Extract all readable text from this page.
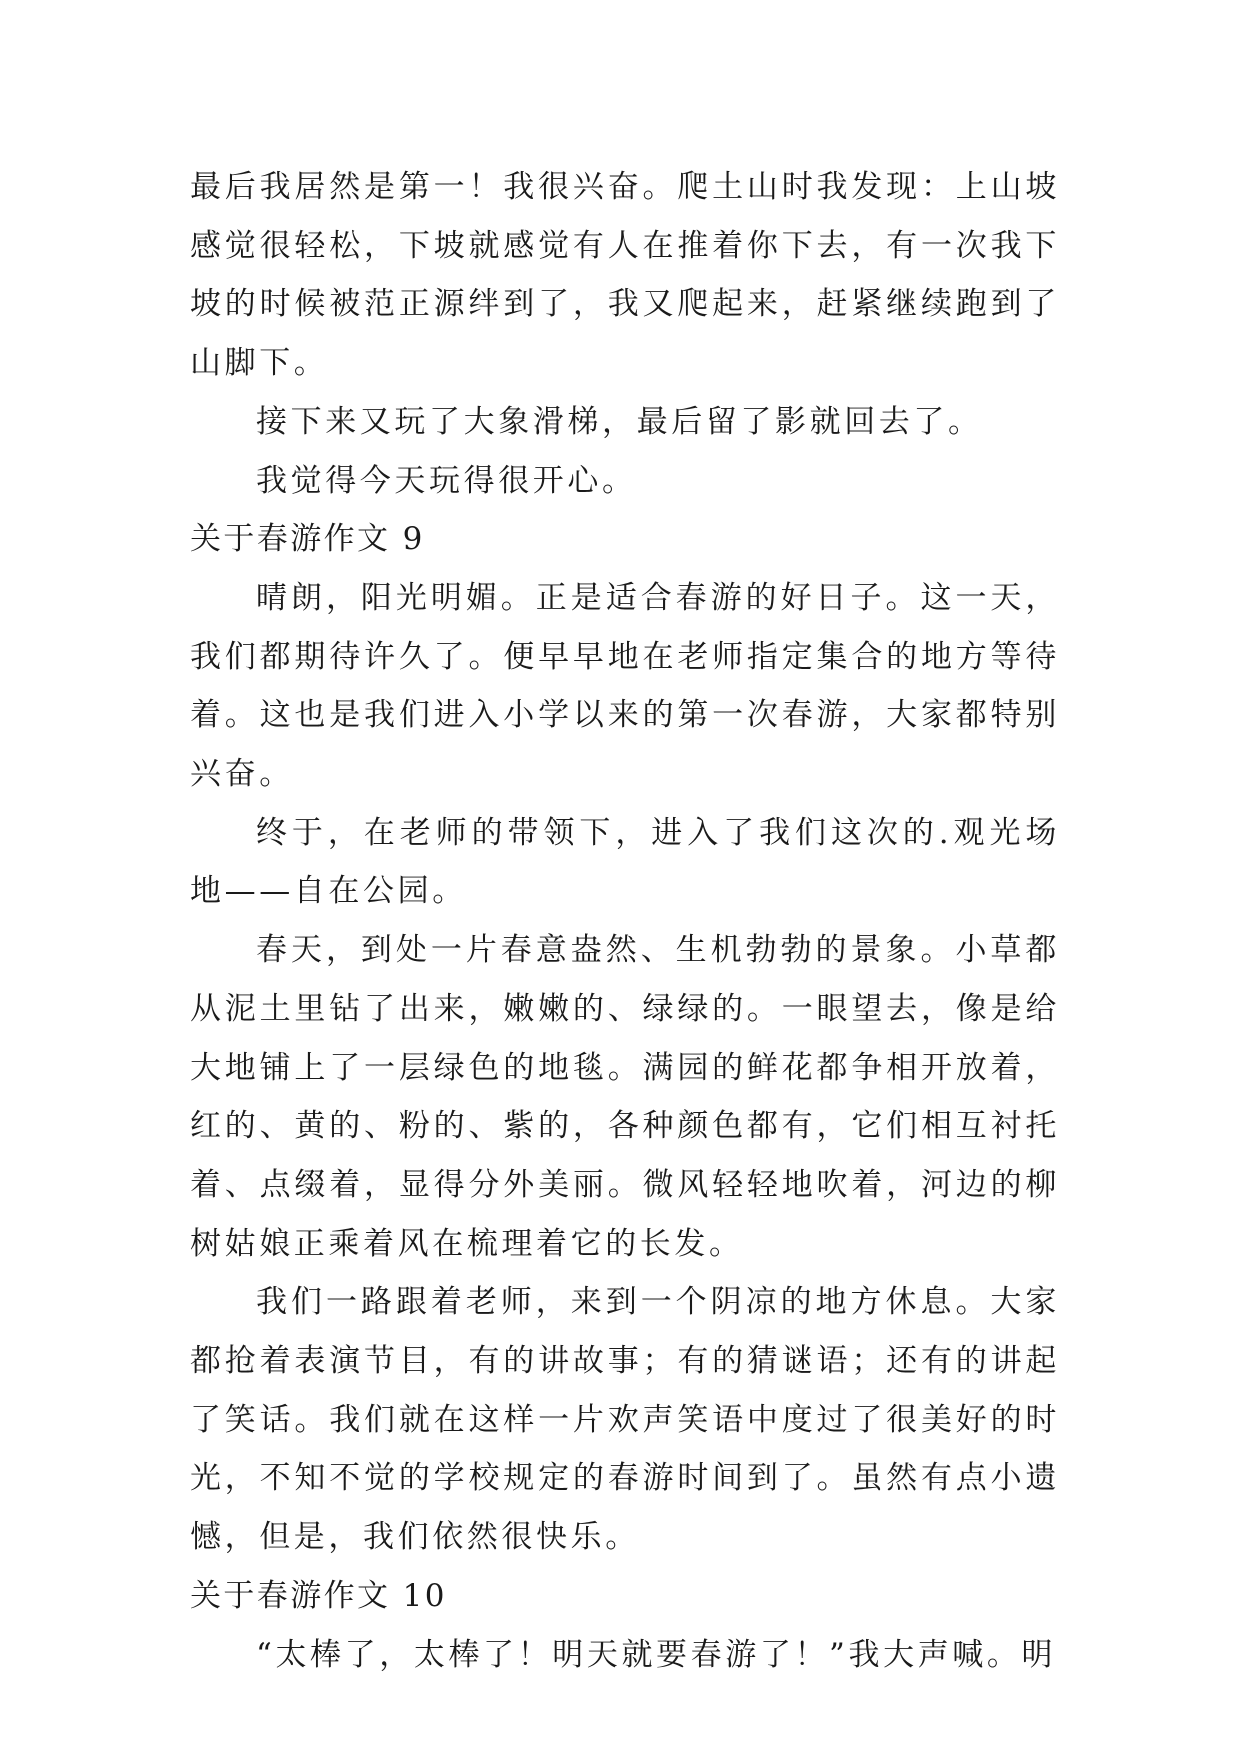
最后我居然是第一！我很兴奋。爬土山时我发现：上山坡感觉很轻松，下坡就感觉有人在推着你下去，有一次我下坡的时候被范正源绊到了，我又爬起来，赶紧继续跑到了山脚下。

接下来又玩了大象滑梯，最后留了影就回去了。

我觉得今天玩得很开心。

关于春游作文 9

晴朗，阳光明媚。正是适合春游的好日子。这一天，我们都期待许久了。便早早地在老师指定集合的地方等待着。这也是我们进入小学以来的第一次春游，大家都特别兴奋。

终于，在老师的带领下，进入了我们这次的.观光场地——自在公园。

春天，到处一片春意盎然、生机勃勃的景象。小草都从泥土里钻了出来，嫩嫩的、绿绿的。一眼望去，像是给大地铺上了一层绿色的地毯。满园的鲜花都争相开放着，红的、黄的、粉的、紫的，各种颜色都有，它们相互衬托着、点缀着，显得分外美丽。微风轻轻地吹着，河边的柳树姑娘正乘着风在梳理着它的长发。

我们一路跟着老师，来到一个阴凉的地方休息。大家都抢着表演节目，有的讲故事；有的猜谜语；还有的讲起了笑话。我们就在这样一片欢声笑语中度过了很美好的时光，不知不觉的学校规定的春游时间到了。虽然有点小遗憾，但是，我们依然很快乐。

关于春游作文 10

“太棒了，太棒了！明天就要春游了！”我大声喊。明
